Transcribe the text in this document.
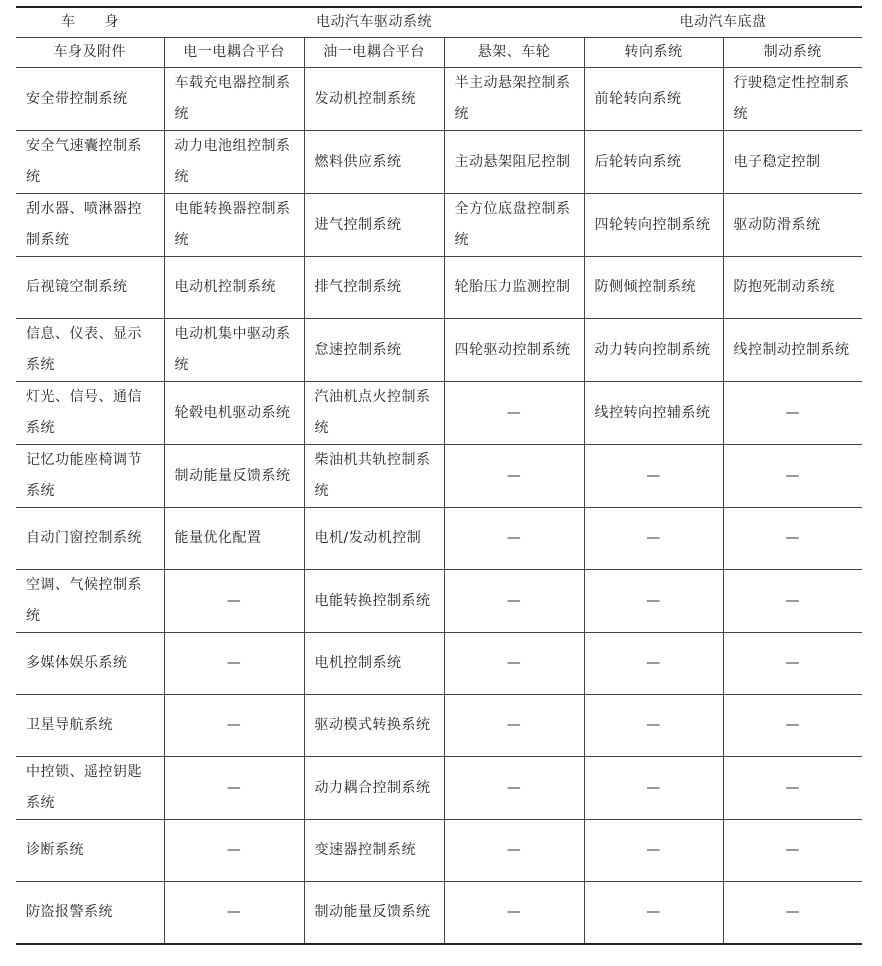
车　　身	电动汽车驱动系统			电动汽车底盘	
车身及附件	电一电耦合平台	油一电耦合平台	悬架、车轮	转向系统	制动系统
安全带控制系统	车载充电器控制系统	发动机控制系统	半主动悬架控制系统	前轮转向系统	行驶稳定性控制系统
安全气速囊控制系统	动力电池组控制系统	燃料供应系统	主动悬架阻尼控制	后轮转向系统	电子稳定控制
刮水器、喷淋器控制系统	电能转换器控制系统	进气控制系统	全方位底盘控制系统	四轮转向控制系统	驱动防滑系统
后视镜空制系统	电动机控制系统	排气控制系统	轮胎压力监测控制	防侧倾控制系统	防抱死制动系统
信息、仪表、显示系统	电动机集中驱动系统	怠速控制系统	四轮驱动控制系统	动力转向控制系统	线控制动控制系统
灯光、信号、通信系统	轮毂电机驱动系统	汽油机点火控制系统	—	线控转向控辅系统	—
记忆功能座椅调节系统	制动能量反馈系统	柴油机共轨控制系统	—	—	—
自动门窗控制系统	能量优化配置	电机/发动机控制	—	—	—
空调、气候控制系统	—	电能转换控制系统	—	—	—
多媒体娱乐系统	—	电机控制系统	—	—	—
卫星导航系统	—	驱动模式转换系统	—	—	—
中控锁、遥控钥匙系统	—	动力耦合控制系统	—	—	—
诊断系统	—	变速器控制系统	—	—	—
防盗报警系统	—	制动能量反馈系统	—	—	—
